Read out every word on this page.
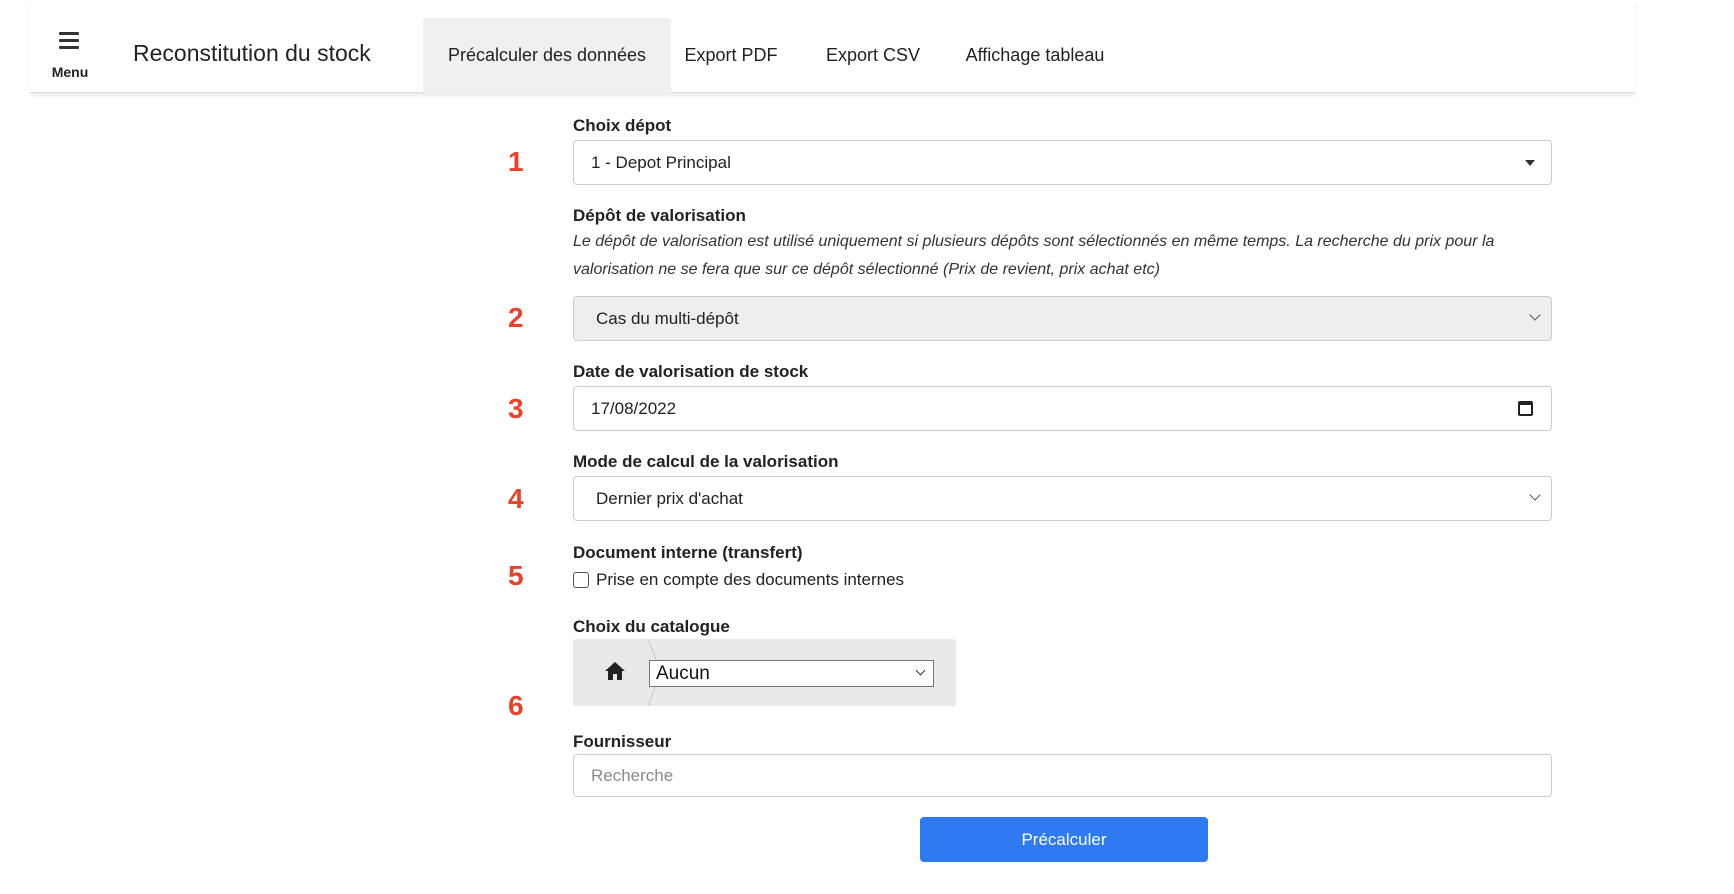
Menu
Reconstitution du stock	Précalculer des données	Export PDF	Export CSV	Affichage tableau
Choix dépot
1	1 - Depot Principal
Dépôt de valorisation
Le dépôt de valorisation est utilisé uniquement si plusieurs dépôts sont sélectionnés en même temps. La recherche du prix pour la valorisation ne se fera que sur ce dépôt sélectionné (Prix de revient, prix achat etc)
2	Cas du multi-dépôt
Date de valorisation de stock
3	17/08/2022
Mode de calcul de la valorisation
4	Dernier prix d'achat
Document interne (transfert)
5	Prise en compte des documents internes
Choix du catalogue
6
Aucun
Fournisseur
Recherche
Précalculer
